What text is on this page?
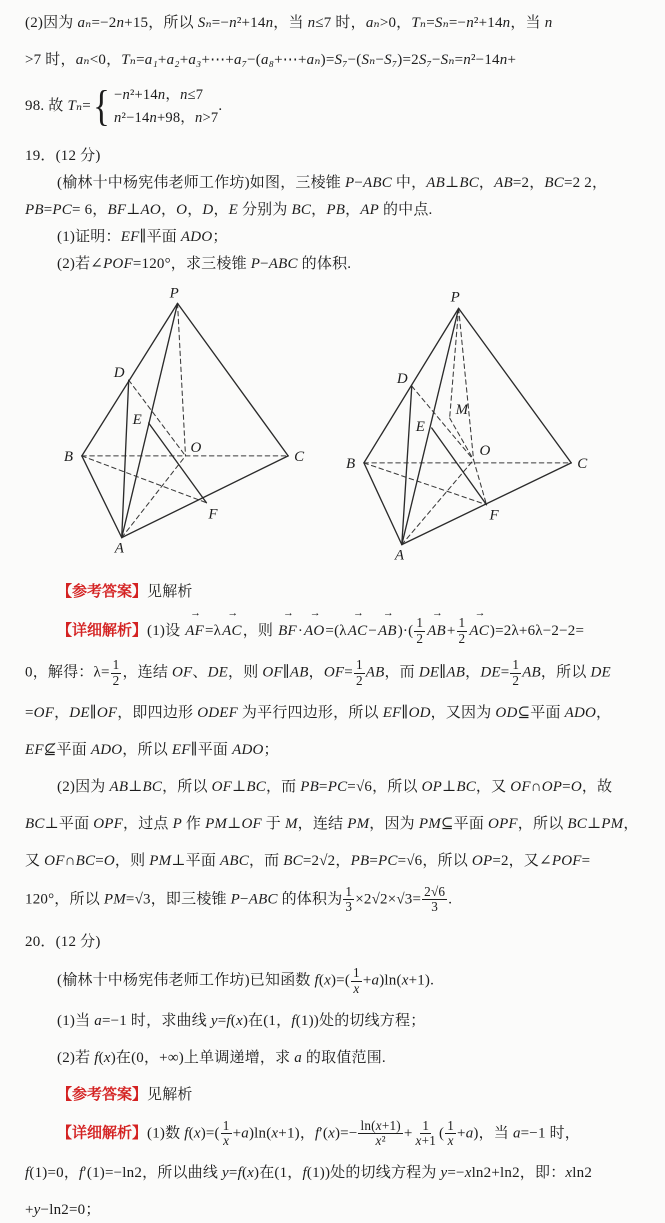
(2)因为 aₙ=−2n+15，所以 Sₙ=−n²+14n，当 n≤7 时，aₙ>0，Tₙ=Sₙ=−n²+14n，当 n
>7 时，aₙ<0，Tₙ=a₁+a₂+a₃+⋯+a₇−(a₈+⋯+aₙ)=S₇−(Sₙ−S₇)=2S₇−Sₙ=n²−14n+
98. 故 Tₙ= { −n²+14n，n≤7
n²−14n+98，n>7
.
19．(12 分)
(榆林十中杨宪伟老师工作坊)如图，三棱锥 P−ABC 中，AB⊥BC，AB=2，BC=2 2，
PB=PC= 6，BF⊥AO，O，D，E 分别为 BC，PB，AP 的中点.
(1)证明：EF∥平面 ADO；
(2)若∠POF=120°，求三棱锥 P−ABC 的体积.
P
B	C
A
D
E
O
F
P
B	C
A
D
E
O
F
M
【参考答案】见解析
【详细解析】(1)设 AF →=λAC →，则 BF →·AO →=(λAC →−AB →)·( $\frac{1}{2}$ AB →+ $\frac{1}{2}$ AC →)=2λ+6λ−2−2=
0，解得：$\lambda= \frac{1}{2}$ ，连结 OF、DE，则 OF∥AB，$OF= \frac{1}{2}$ AB，而 DE∥AB，$DE= \frac{1}{2}$ AB，所以 DE
=OF，DE∥OF，即四边形 ODEF 为平行四边形，所以 EF∥OD，又因为 OD⊆平面 ADO，
EF⊈平面 ADO，所以 EF∥平面 ADO；
(2)因为 AB⊥BC，所以 OF⊥BC，而 PB=PC=√6，所以 OP⊥BC，又 OF∩OP=O，故
BC⊥平面 OPF，过点 P 作 PM⊥OF 于 M，连结 PM，因为 PM⊆平面 OPF，所以 BC⊥PM，
又 OF∩BC=O，则 PM⊥平面 ABC，而 BC=2√2，PB=PC=√6，所以 OP=2，又∠POF=
120°，所以 PM=√3，即三棱锥 P−ABC 的体积为 $\frac{1}{3} \times 2√2\times√3= \frac{2√6}{3}$ .
20．(12 分)
(榆林十中杨宪伟老师工作坊)已知函数 $f(x)=( \frac{1}{x} +a)\ln(x+1)$.
(1)当 a=−1 时，求曲线 y=f(x)在(1，f(1))处的切线方程；
(2)若 f(x)在(0，+∞)上单调递增，求 a 的取值范围.
【参考答案】见解析
【详细解析】(1)数 $f(x)=( \frac{1}{x} +a)\ln(x+1)$，$f'(x)=- \frac{\ln(x+1)}{\text{x²}} + \frac{1}{x+1}$ ( $\frac{1}{x} +a$)，当 a=−1 时，
f(1)=0，f′(1)=−ln2，所以曲线 y=f(x)在(1，f(1))处的切线方程为 y=−xln2+ln2，即：xln2
+y−ln2=0；
